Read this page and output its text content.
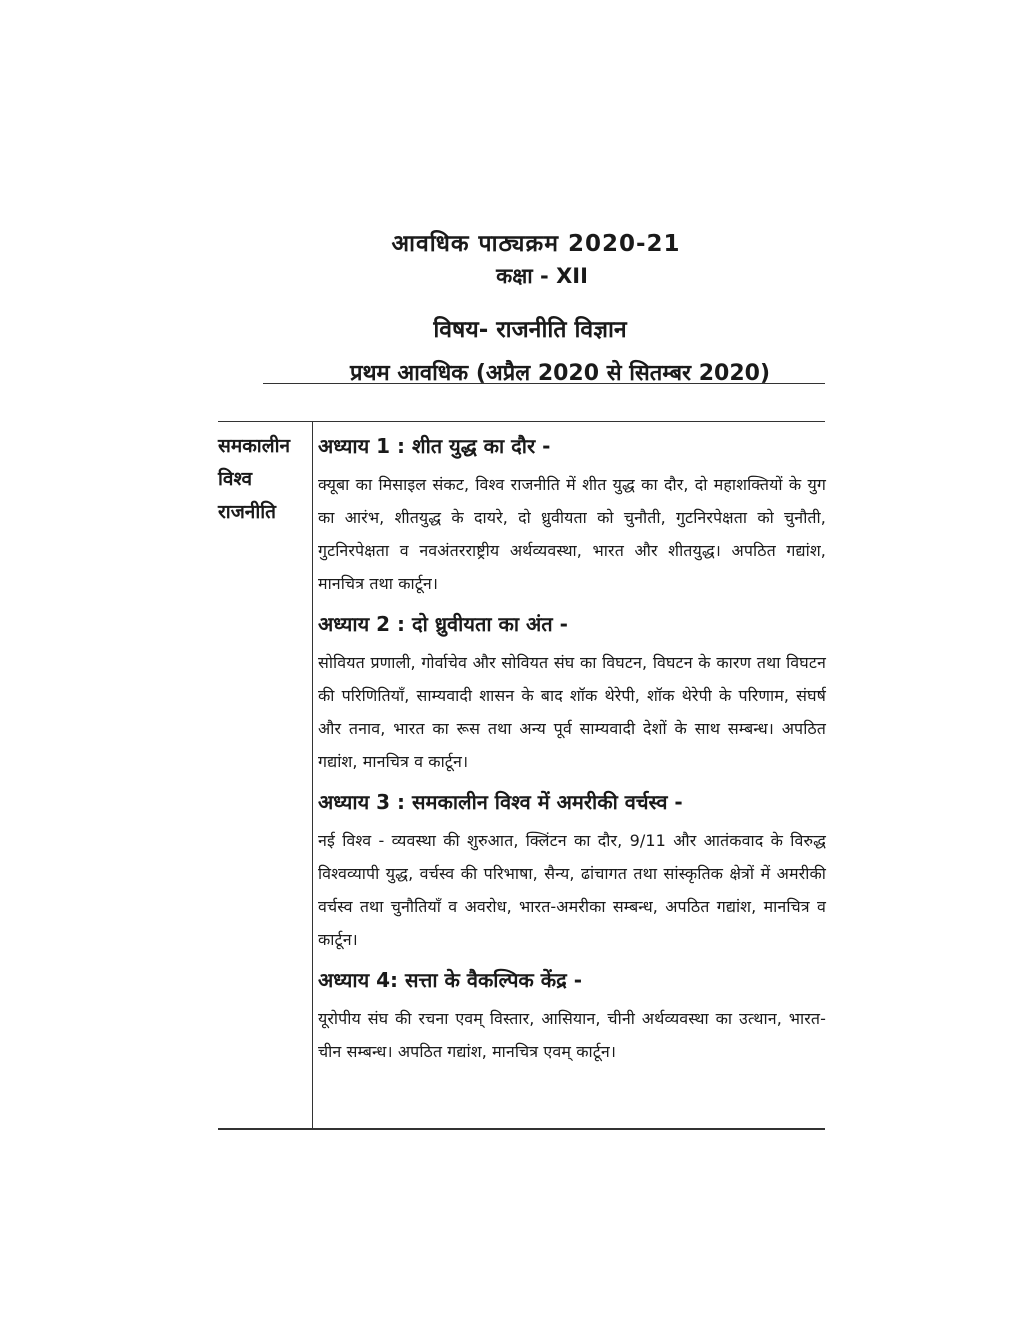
आवधिक पाठ्यक्रम 2020-21
कक्षा - XII
विषय- राजनीति विज्ञान
प्रथम आवधिक (अप्रैल 2020 से सितम्बर 2020)
समकालीन
विश्व
राजनीति

अध्याय 1 : शीत युद्ध का दौर -

क्यूबा का मिसाइल संकट, विश्व राजनीति में शीत युद्ध का दौर, दो महाशक्तियों के युग का आरंभ, शीतयुद्ध के दायरे, दो ध्रुवीयता को चुनौती, गुटनिरपेक्षता को चुनौती, गुटनिरपेक्षता व नवअंतरराष्ट्रीय अर्थव्यवस्था, भारत और शीतयुद्ध। अपठित गद्यांश, मानचित्र तथा कार्टून।

अध्याय 2 : दो ध्रुवीयता का अंत -

सोवियत प्रणाली, गोर्वाचेव और सोवियत संघ का विघटन, विघटन के कारण तथा विघटन की परिणितियाँ, साम्यवादी शासन के बाद शॉक थेरेपी, शॉक थेरेपी के परिणाम, संघर्ष और तनाव, भारत का रूस तथा अन्य पूर्व साम्यवादी देशों के साथ सम्बन्ध। अपठित गद्यांश, मानचित्र व कार्टून।

अध्याय 3 : समकालीन विश्व में अमरीकी वर्चस्व -

नई विश्व - व्यवस्था की शुरुआत, क्लिंटन का दौर, 9/11 और आतंकवाद के विरुद्ध विश्वव्यापी युद्ध, वर्चस्व की परिभाषा, सैन्य, ढांचागत तथा सांस्कृतिक क्षेत्रों में अमरीकी वर्चस्व तथा चुनौतियाँ व अवरोध, भारत-अमरीका सम्बन्ध, अपठित गद्यांश, मानचित्र व कार्टून।

अध्याय 4: सत्ता के वैकल्पिक केंद्र -

यूरोपीय संघ की रचना एवम् विस्तार, आसियान, चीनी अर्थव्यवस्था का उत्थान, भारत-चीन सम्बन्ध। अपठित गद्यांश, मानचित्र एवम् कार्टून।
